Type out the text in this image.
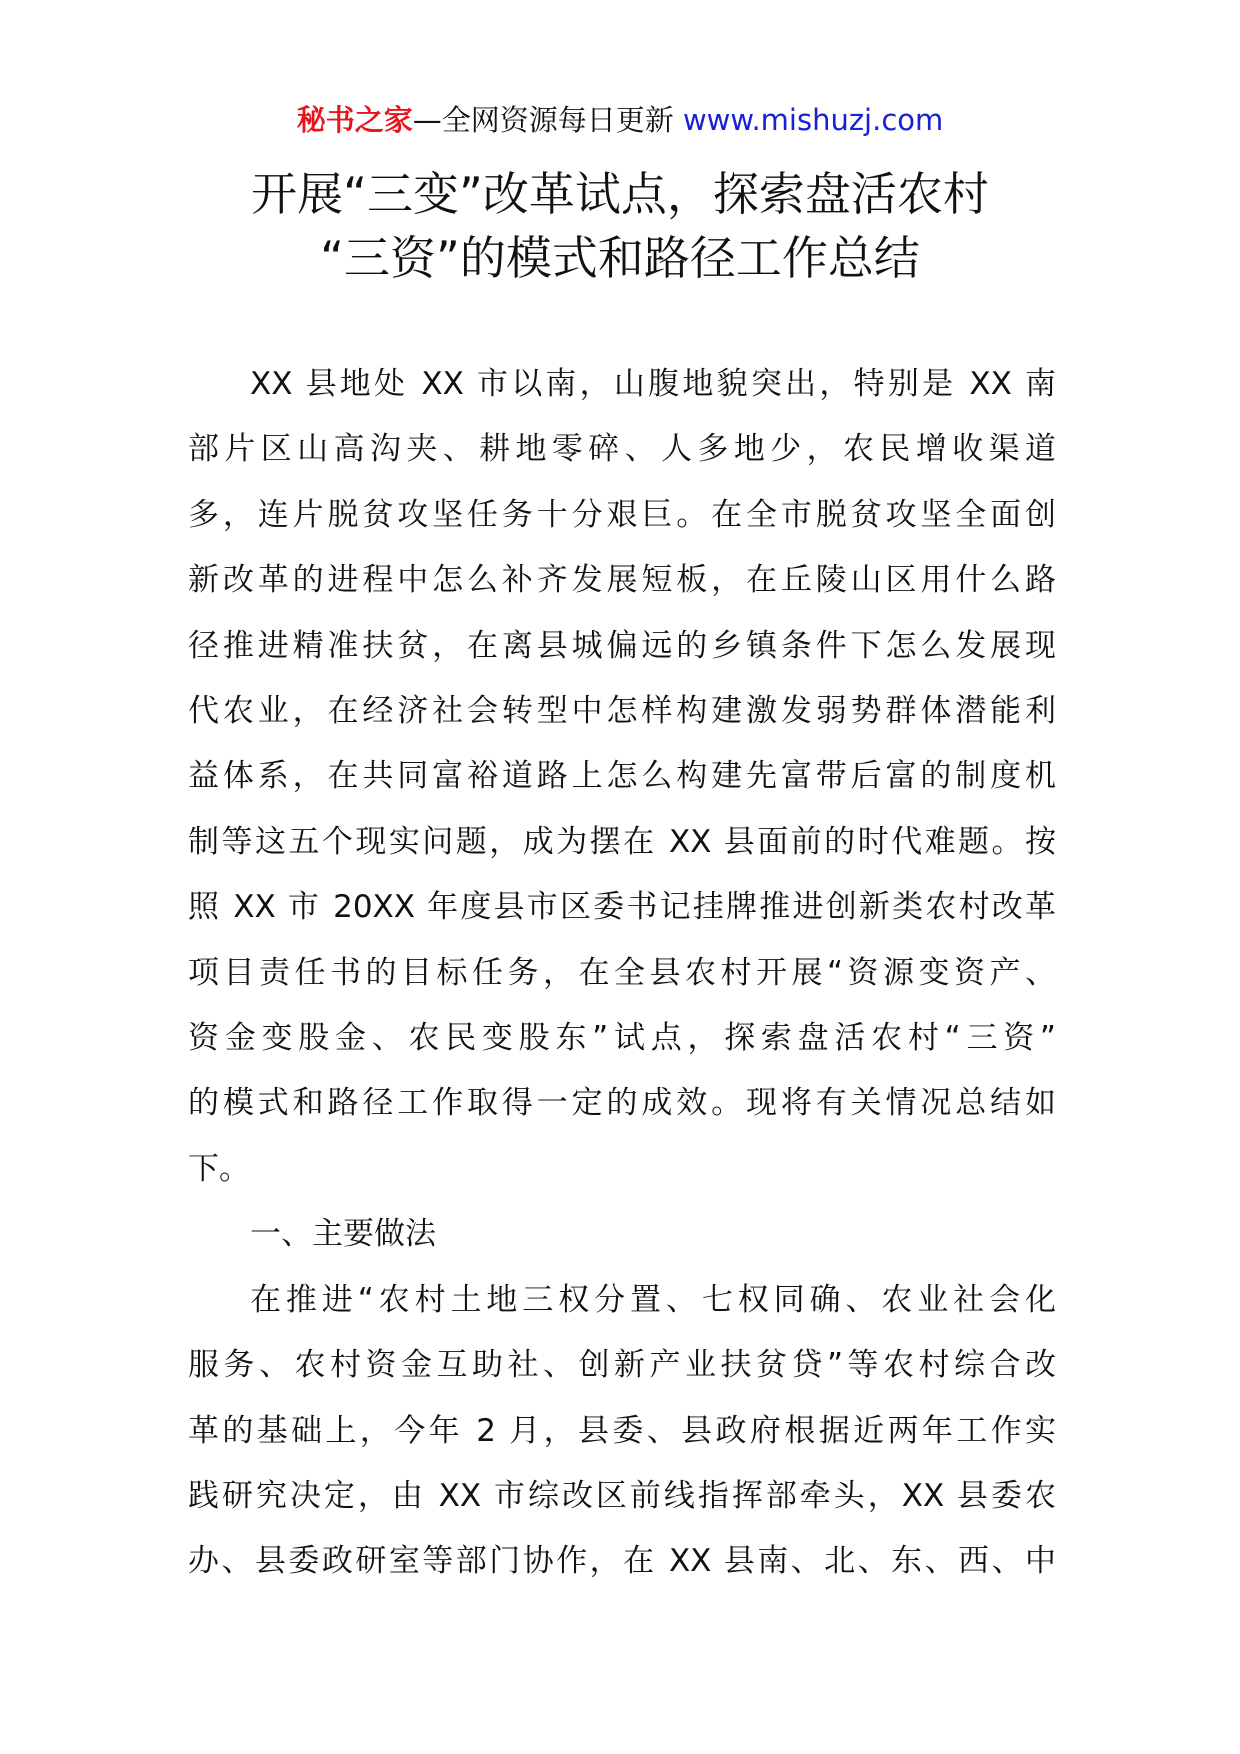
秘书之家—全网资源每日更新 www.mishuzj.com
开展“三变”改革试点，探索盘活农村
“三资”的模式和路径工作总结

XX 县地处 XX 市以南，山腹地貌突出，特别是 XX 南
部片区山高沟夹、耕地零碎、人多地少，农民增收渠道
多，连片脱贫攻坚任务十分艰巨。在全市脱贫攻坚全面创
新改革的进程中怎么补齐发展短板，在丘陵山区用什么路
径推进精准扶贫，在离县城偏远的乡镇条件下怎么发展现
代农业，在经济社会转型中怎样构建激发弱势群体潜能利
益体系，在共同富裕道路上怎么构建先富带后富的制度机
制等这五个现实问题，成为摆在 XX 县面前的时代难题。按
照 XX 市 20XX 年度县市区委书记挂牌推进创新类农村改革
项目责任书的目标任务，在全县农村开展“资源变资产、
资金变股金、农民变股东”试点，探索盘活农村“三资”
的模式和路径工作取得一定的成效。现将有关情况总结如
下。

一、主要做法

在推进“农村土地三权分置、七权同确、农业社会化
服务、农村资金互助社、创新产业扶贫贷”等农村综合改
革的基础上，今年 2 月，县委、县政府根据近两年工作实
践研究决定，由 XX 市综改区前线指挥部牵头，XX 县委农
办、县委政研室等部门协作，在 XX 县南、北、东、西、中
